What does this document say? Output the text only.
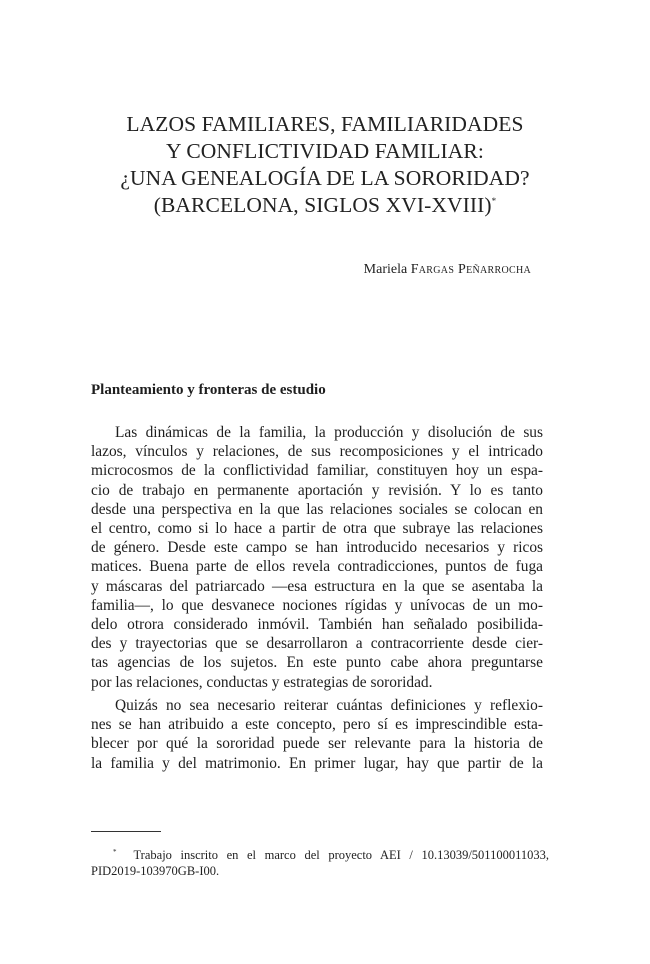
LAZOS FAMILIARES, FAMILIARIDADES
Y CONFLICTIVIDAD FAMILIAR:
¿UNA GENEALOGÍA DE LA SORORIDAD?
(BARCELONA, SIGLOS XVI-XVIII)*
Mariela Fargas Peñarrocha
Planteamiento y fronteras de estudio
Las dinámicas de la familia, la producción y disolución de sus
lazos, vínculos y relaciones, de sus recomposiciones y el intricado
microcosmos de la conflictividad familiar, constituyen hoy un espa-
cio de trabajo en permanente aportación y revisión. Y lo es tanto
desde una perspectiva en la que las relaciones sociales se colocan en
el centro, como si lo hace a partir de otra que subraye las relaciones
de género. Desde este campo se han introducido necesarios y ricos
matices. Buena parte de ellos revela contradicciones, puntos de fuga
y máscaras del patriarcado —esa estructura en la que se asentaba la
familia—, lo que desvanece nociones rígidas y unívocas de un mo-
delo otrora considerado inmóvil. También han señalado posibilida-
des y trayectorias que se desarrollaron a contracorriente desde cier-
tas agencias de los sujetos. En este punto cabe ahora preguntarse
por las relaciones, conductas y estrategias de sororidad.
Quizás no sea necesario reiterar cuántas definiciones y reflexio-
nes se han atribuido a este concepto, pero sí es imprescindible esta-
blecer por qué la sororidad puede ser relevante para la historia de
la familia y del matrimonio. En primer lugar, hay que partir de la
* Trabajo inscrito en el marco del proyecto AEI / 10.13039/501100011033,
PID2019-103970GB-I00.
